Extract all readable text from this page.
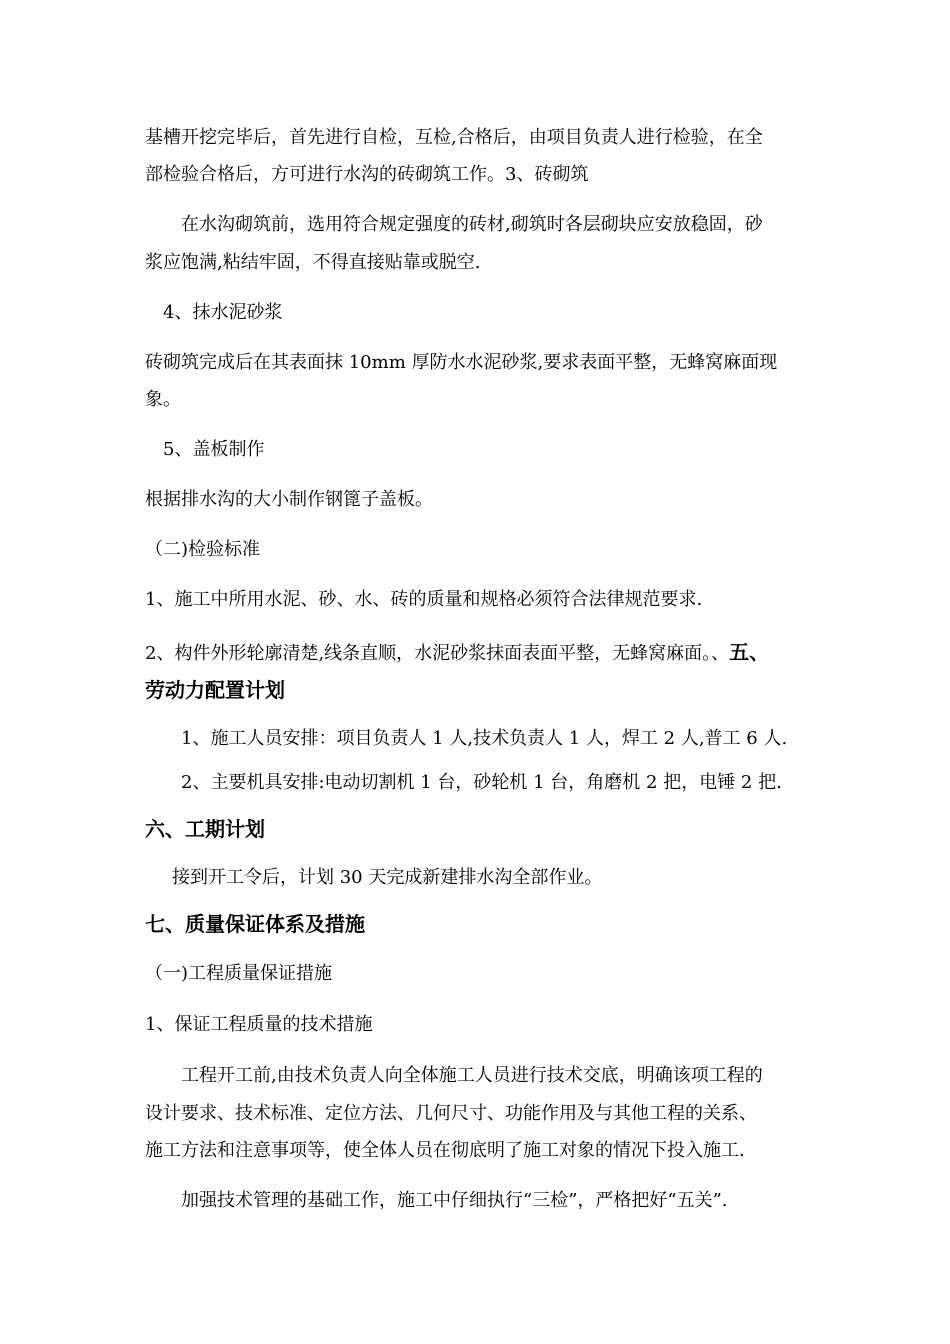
基槽开挖完毕后，首先进行自检，互检,合格后，由项目负责人进行检验，在全
部检验合格后，方可进行水沟的砖砌筑工作。3、砖砌筑
在水沟砌筑前，选用符合规定强度的砖材,砌筑时各层砌块应安放稳固，砂
浆应饱满,粘结牢固，不得直接贴靠或脱空.
4、抹水泥砂浆
砖砌筑完成后在其表面抹 10mm 厚防水水泥砂浆,要求表面平整，无蜂窝麻面现
象。
5、盖板制作
根据排水沟的大小制作钢篦子盖板。
（二)检验标准
1、施工中所用水泥、砂、水、砖的质量和规格必须符合法律规范要求.
2、构件外形轮廓清楚,线条直顺，水泥砂浆抹面表面平整，无蜂窝麻面。、五、
劳动力配置计划
1、施工人员安排：项目负责人 1 人,技术负责人 1 人，焊工 2 人,普工 6 人.
2、主要机具安排:电动切割机 1 台，砂轮机 1 台，角磨机 2 把，电锤 2 把.
六、工期计划
接到开工令后，计划 30 天完成新建排水沟全部作业。
七、质量保证体系及措施
（一)工程质量保证措施
1、保证工程质量的技术措施
工程开工前,由技术负责人向全体施工人员进行技术交底，明确该项工程的
设计要求、技术标准、定位方法、几何尺寸、功能作用及与其他工程的关系、
施工方法和注意事项等，使全体人员在彻底明了施工对象的情况下投入施工.
加强技术管理的基础工作，施工中仔细执行“三检”，严格把好“五关”.
